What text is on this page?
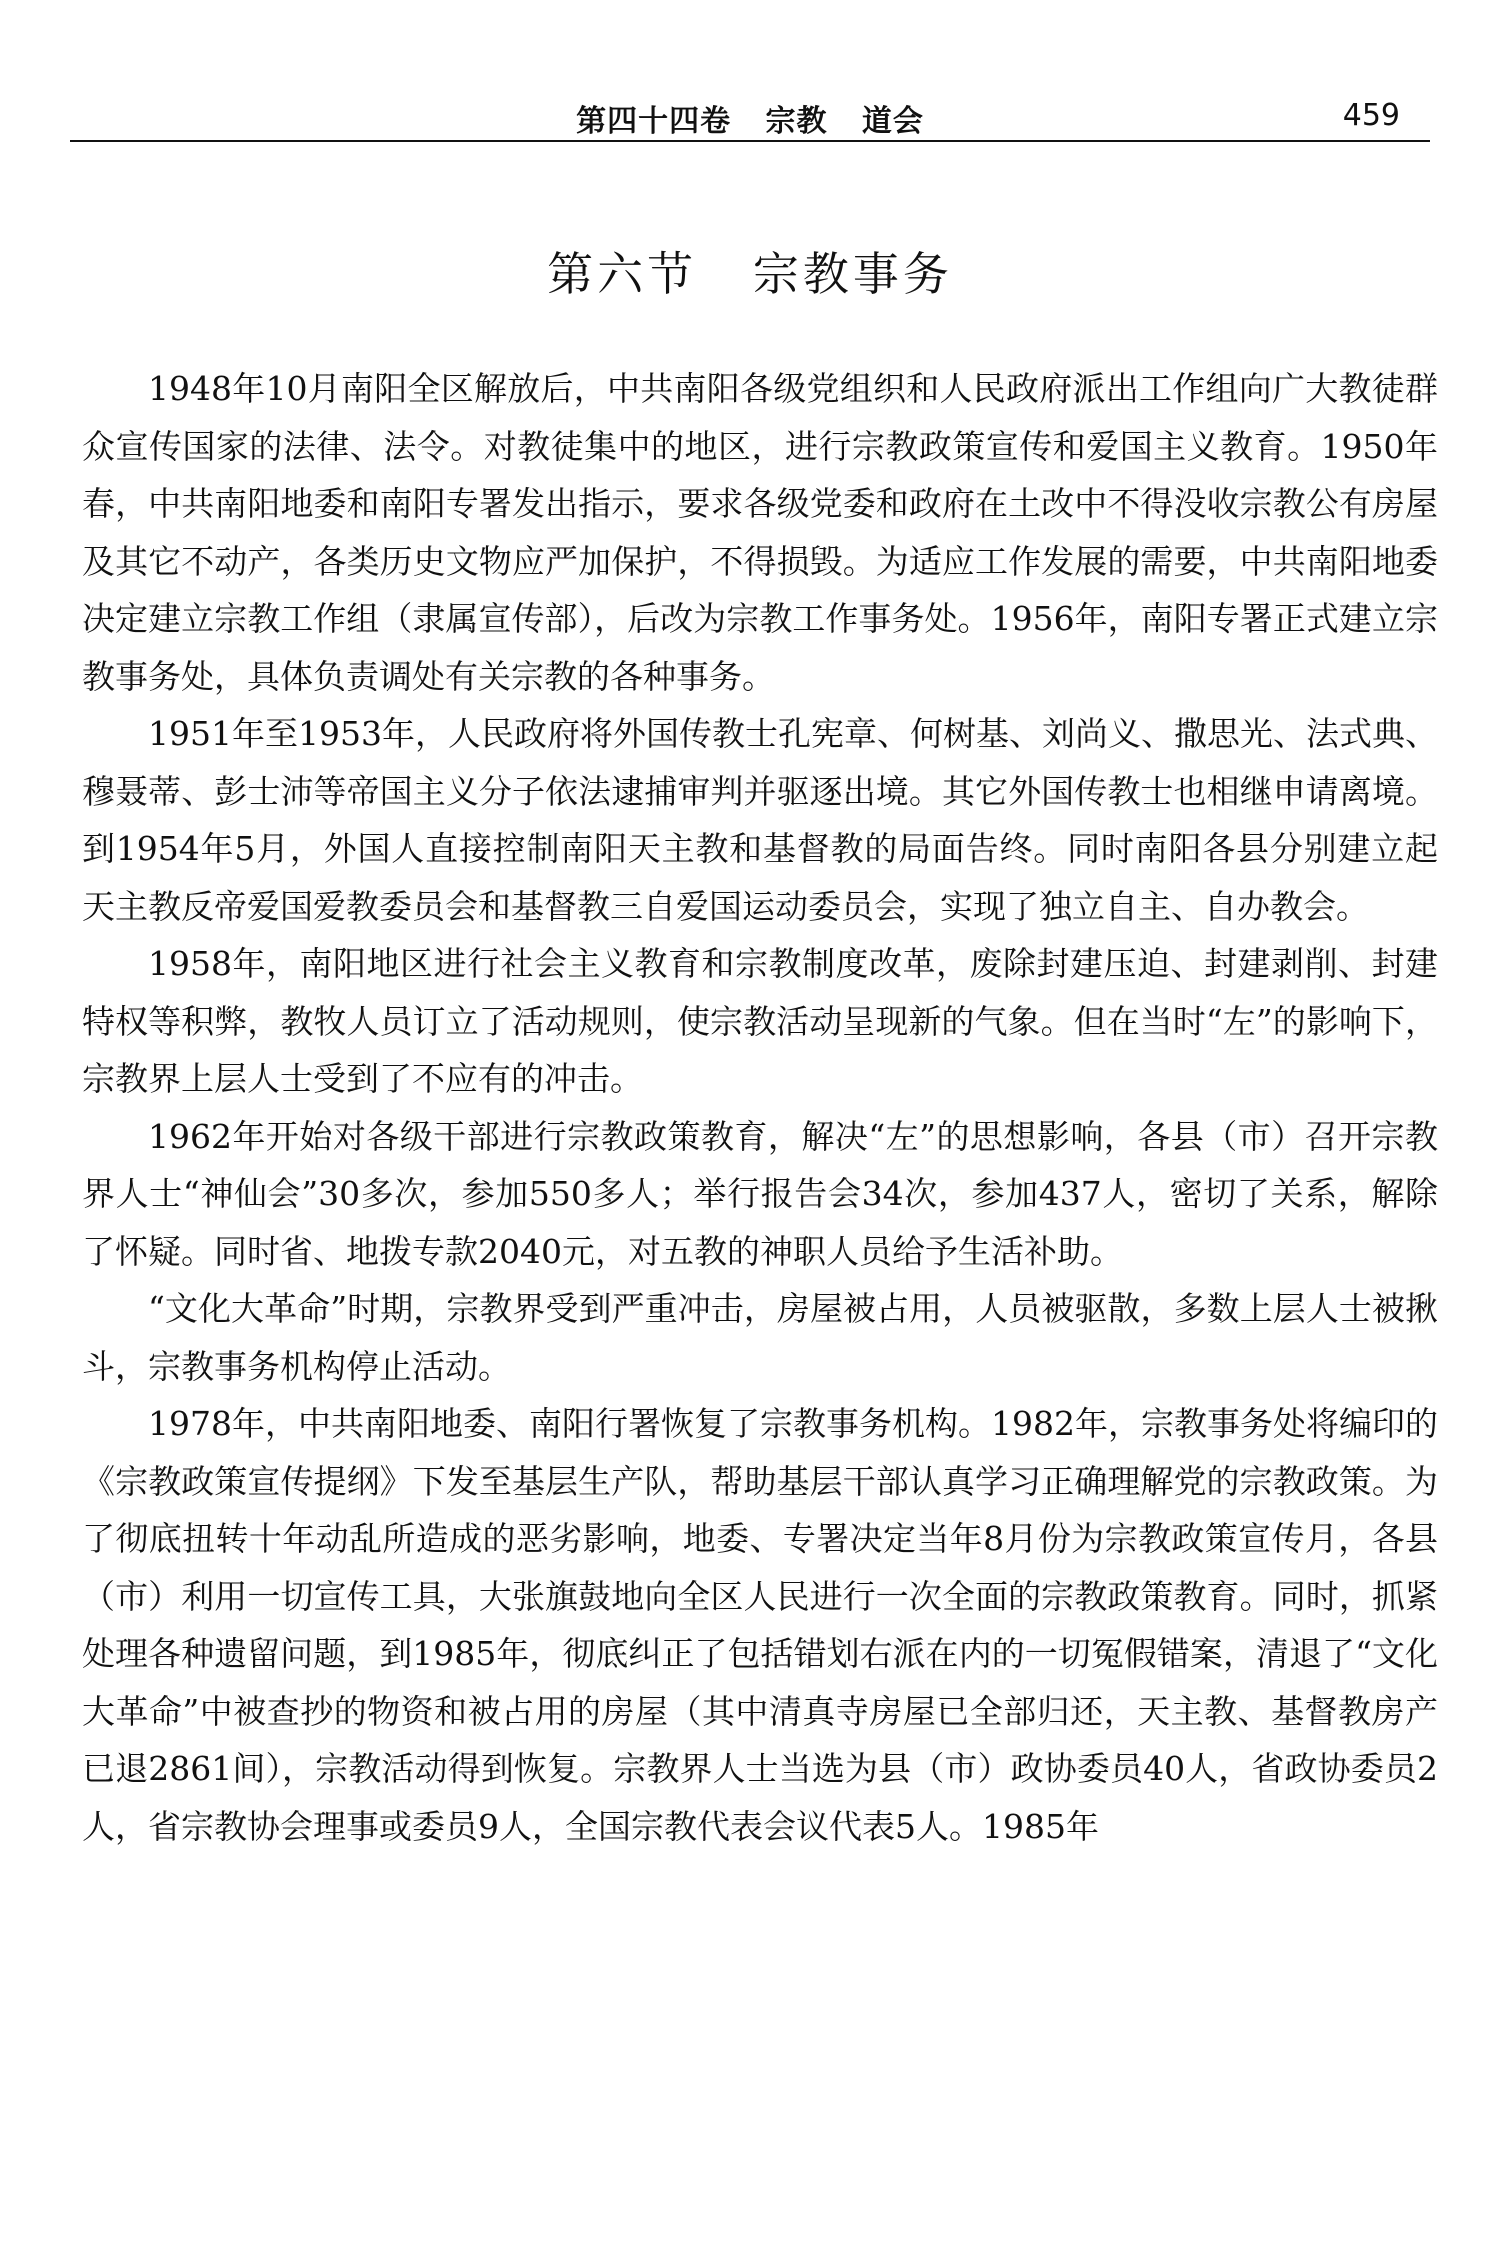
第四十四卷   宗教   道会	459
第六节   宗教事务

1948年10月南阳全区解放后，中共南阳各级党组织和人民政府派出工作组向广大教徒群众宣传国家的法律、法令。对教徒集中的地区，进行宗教政策宣传和爱国主义教育。1950年春，中共南阳地委和南阳专署发出指示，要求各级党委和政府在土改中不得没收宗教公有房屋及其它不动产，各类历史文物应严加保护，不得损毁。为适应工作发展的需要，中共南阳地委决定建立宗教工作组（隶属宣传部），后改为宗教工作事务处。1956年，南阳专署正式建立宗教事务处，具体负责调处有关宗教的各种事务。

1951年至1953年，人民政府将外国传教士孔宪章、何树基、刘尚义、撒思光、法式典、穆聂蒂、彭士沛等帝国主义分子依法逮捕审判并驱逐出境。其它外国传教士也相继申请离境。到1954年5月，外国人直接控制南阳天主教和基督教的局面告终。同时南阳各县分别建立起天主教反帝爱国爱教委员会和基督教三自爱国运动委员会，实现了独立自主、自办教会。

1958年，南阳地区进行社会主义教育和宗教制度改革，废除封建压迫、封建剥削、封建特权等积弊，教牧人员订立了活动规则，使宗教活动呈现新的气象。但在当时“左”的影响下，宗教界上层人士受到了不应有的冲击。

1962年开始对各级干部进行宗教政策教育，解决“左”的思想影响，各县（市）召开宗教界人士“神仙会”30多次，参加550多人；举行报告会34次，参加437人，密切了关系，解除了怀疑。同时省、地拨专款2040元，对五教的神职人员给予生活补助。

“文化大革命”时期，宗教界受到严重冲击，房屋被占用，人员被驱散，多数上层人士被揪斗，宗教事务机构停止活动。

1978年，中共南阳地委、南阳行署恢复了宗教事务机构。1982年，宗教事务处将编印的《宗教政策宣传提纲》下发至基层生产队，帮助基层干部认真学习正确理解党的宗教政策。为了彻底扭转十年动乱所造成的恶劣影响，地委、专署决定当年8月份为宗教政策宣传月，各县（市）利用一切宣传工具，大张旗鼓地向全区人民进行一次全面的宗教政策教育。同时，抓紧处理各种遗留问题，到1985年，彻底纠正了包括错划右派在内的一切冤假错案，清退了“文化大革命”中被查抄的物资和被占用的房屋（其中清真寺房屋已全部归还，天主教、基督教房产已退2861间），宗教活动得到恢复。宗教界人士当选为县（市）政协委员40人，省政协委员2人，省宗教协会理事或委员9人，全国宗教代表会议代表5人。1985年
